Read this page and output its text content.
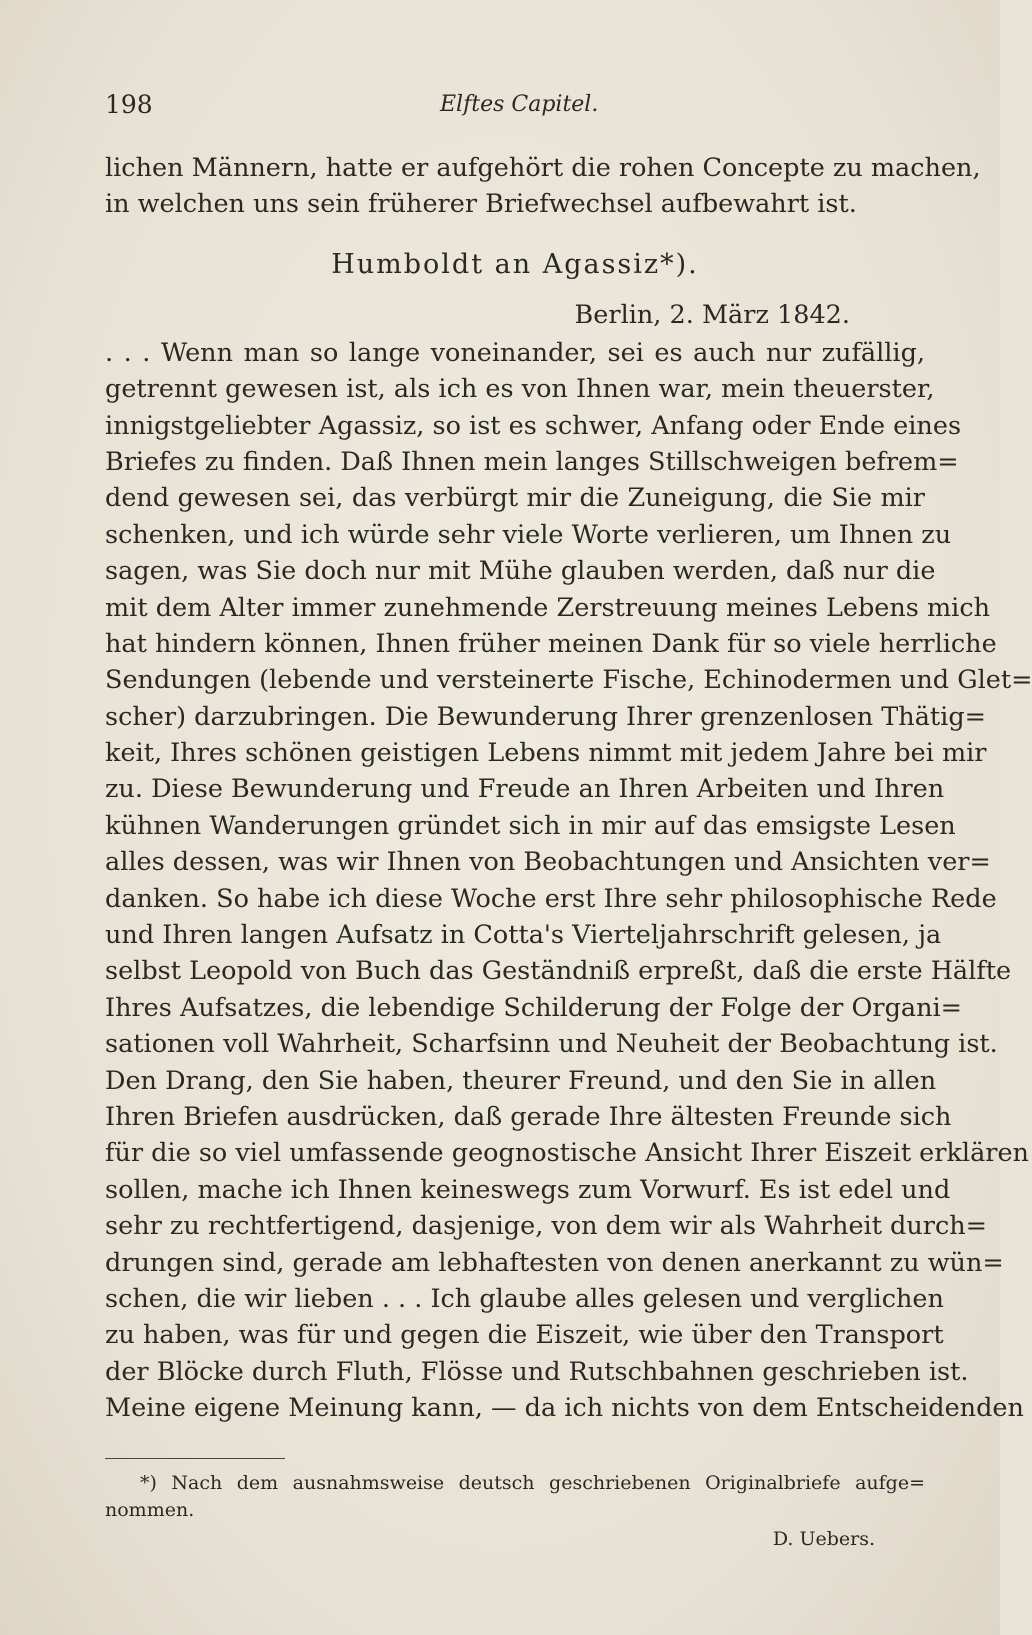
198	Elftes Capitel.
lichen Männern, hatte er aufgehört die rohen Concepte zu machen,
in welchen uns sein früherer Briefwechsel aufbewahrt ist.
Humboldt an Agassiz*).
Berlin, 2. März 1842.
. . . Wenn man so lange voneinander, sei es auch nur zufällig,
getrennt gewesen ist, als ich es von Ihnen war, mein theuerster,
innigstgeliebter Agassiz, so ist es schwer, Anfang oder Ende eines
Briefes zu finden. Daß Ihnen mein langes Stillschweigen befrem=
dend gewesen sei, das verbürgt mir die Zuneigung, die Sie mir
schenken, und ich würde sehr viele Worte verlieren, um Ihnen zu
sagen, was Sie doch nur mit Mühe glauben werden, daß nur die
mit dem Alter immer zunehmende Zerstreuung meines Lebens mich
hat hindern können, Ihnen früher meinen Dank für so viele herrliche
Sendungen (lebende und versteinerte Fische, Echinodermen und Glet=
scher) darzubringen. Die Bewunderung Ihrer grenzenlosen Thätig=
keit, Ihres schönen geistigen Lebens nimmt mit jedem Jahre bei mir
zu. Diese Bewunderung und Freude an Ihren Arbeiten und Ihren
kühnen Wanderungen gründet sich in mir auf das emsigste Lesen
alles dessen, was wir Ihnen von Beobachtungen und Ansichten ver=
danken. So habe ich diese Woche erst Ihre sehr philosophische Rede
und Ihren langen Aufsatz in Cotta's Vierteljahrschrift gelesen, ja
selbst Leopold von Buch das Geständniß erpreßt, daß die erste Hälfte
Ihres Aufsatzes, die lebendige Schilderung der Folge der Organi=
sationen voll Wahrheit, Scharfsinn und Neuheit der Beobachtung ist.
Den Drang, den Sie haben, theurer Freund, und den Sie in allen
Ihren Briefen ausdrücken, daß gerade Ihre ältesten Freunde sich
für die so viel umfassende geognostische Ansicht Ihrer Eiszeit erklären
sollen, mache ich Ihnen keineswegs zum Vorwurf. Es ist edel und
sehr zu rechtfertigend, dasjenige, von dem wir als Wahrheit durch=
drungen sind, gerade am lebhaftesten von denen anerkannt zu wün=
schen, die wir lieben . . . Ich glaube alles gelesen und verglichen
zu haben, was für und gegen die Eiszeit, wie über den Transport
der Blöcke durch Fluth, Flösse und Rutschbahnen geschrieben ist.
Meine eigene Meinung kann, — da ich nichts von dem Entscheidenden
*) Nach dem ausnahmsweise deutsch geschriebenen Originalbriefe aufge=
nommen.
D. Uebers.
